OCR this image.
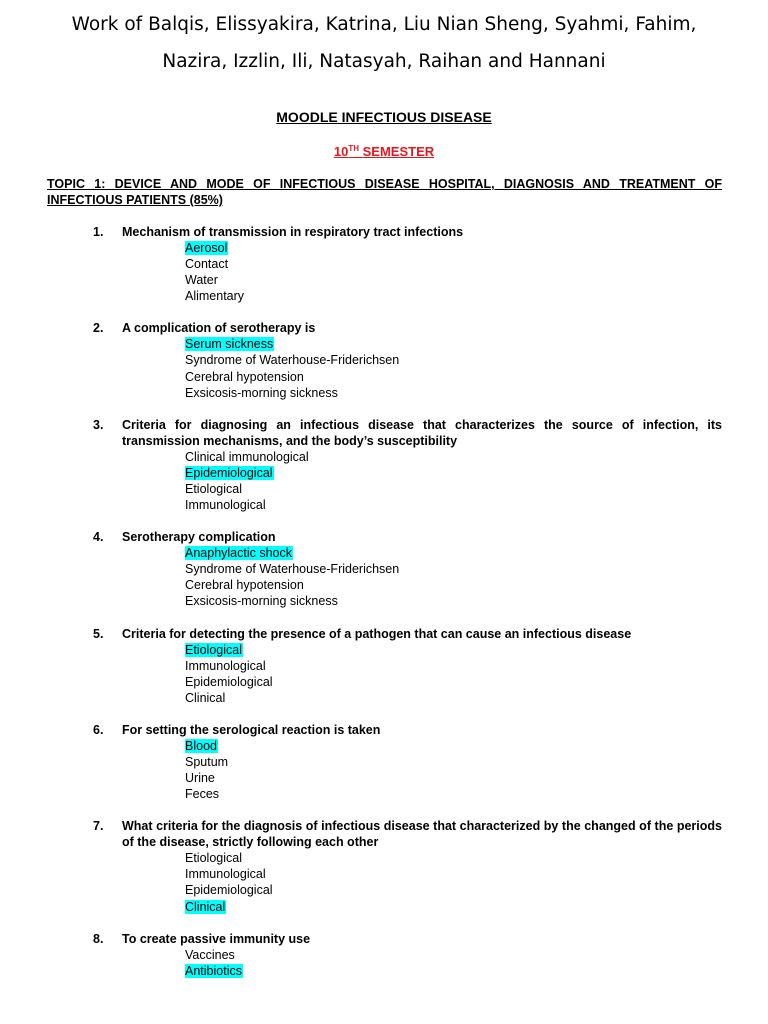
Work of Balqis, Elissyakira, Katrina, Liu Nian Sheng, Syahmi, Fahim,
Nazira, Izzlin, Ili, Natasyah, Raihan and Hannani
MOODLE INFECTIOUS DISEASE
10TH SEMESTER
TOPIC 1: DEVICE AND MODE OF INFECTIOUS DISEASE HOSPITAL, DIAGNOSIS AND TREATMENT OF INFECTIOUS PATIENTS (85%)
1. Mechanism of transmission in respiratory tract infections
Aerosol
Contact
Water
Alimentary
2. A complication of serotherapy is
Serum sickness
Syndrome of Waterhouse-Friderichsen
Cerebral hypotension
Exsicosis-morning sickness
3. Criteria for diagnosing an infectious disease that characterizes the source of infection, its transmission mechanisms, and the body’s susceptibility
Clinical immunological
Epidemiological
Etiological
Immunological
4. Serotherapy complication
Anaphylactic shock
Syndrome of Waterhouse-Friderichsen
Cerebral hypotension
Exsicosis-morning sickness
5. Criteria for detecting the presence of a pathogen that can cause an infectious disease
Etiological
Immunological
Epidemiological
Clinical
6. For setting the serological reaction is taken
Blood
Sputum
Urine
Feces
7. What criteria for the diagnosis of infectious disease that characterized by the changed of the periods of the disease, strictly following each other
Etiological
Immunological
Epidemiological
Clinical
8. To create passive immunity use
Vaccines
Antibiotics
